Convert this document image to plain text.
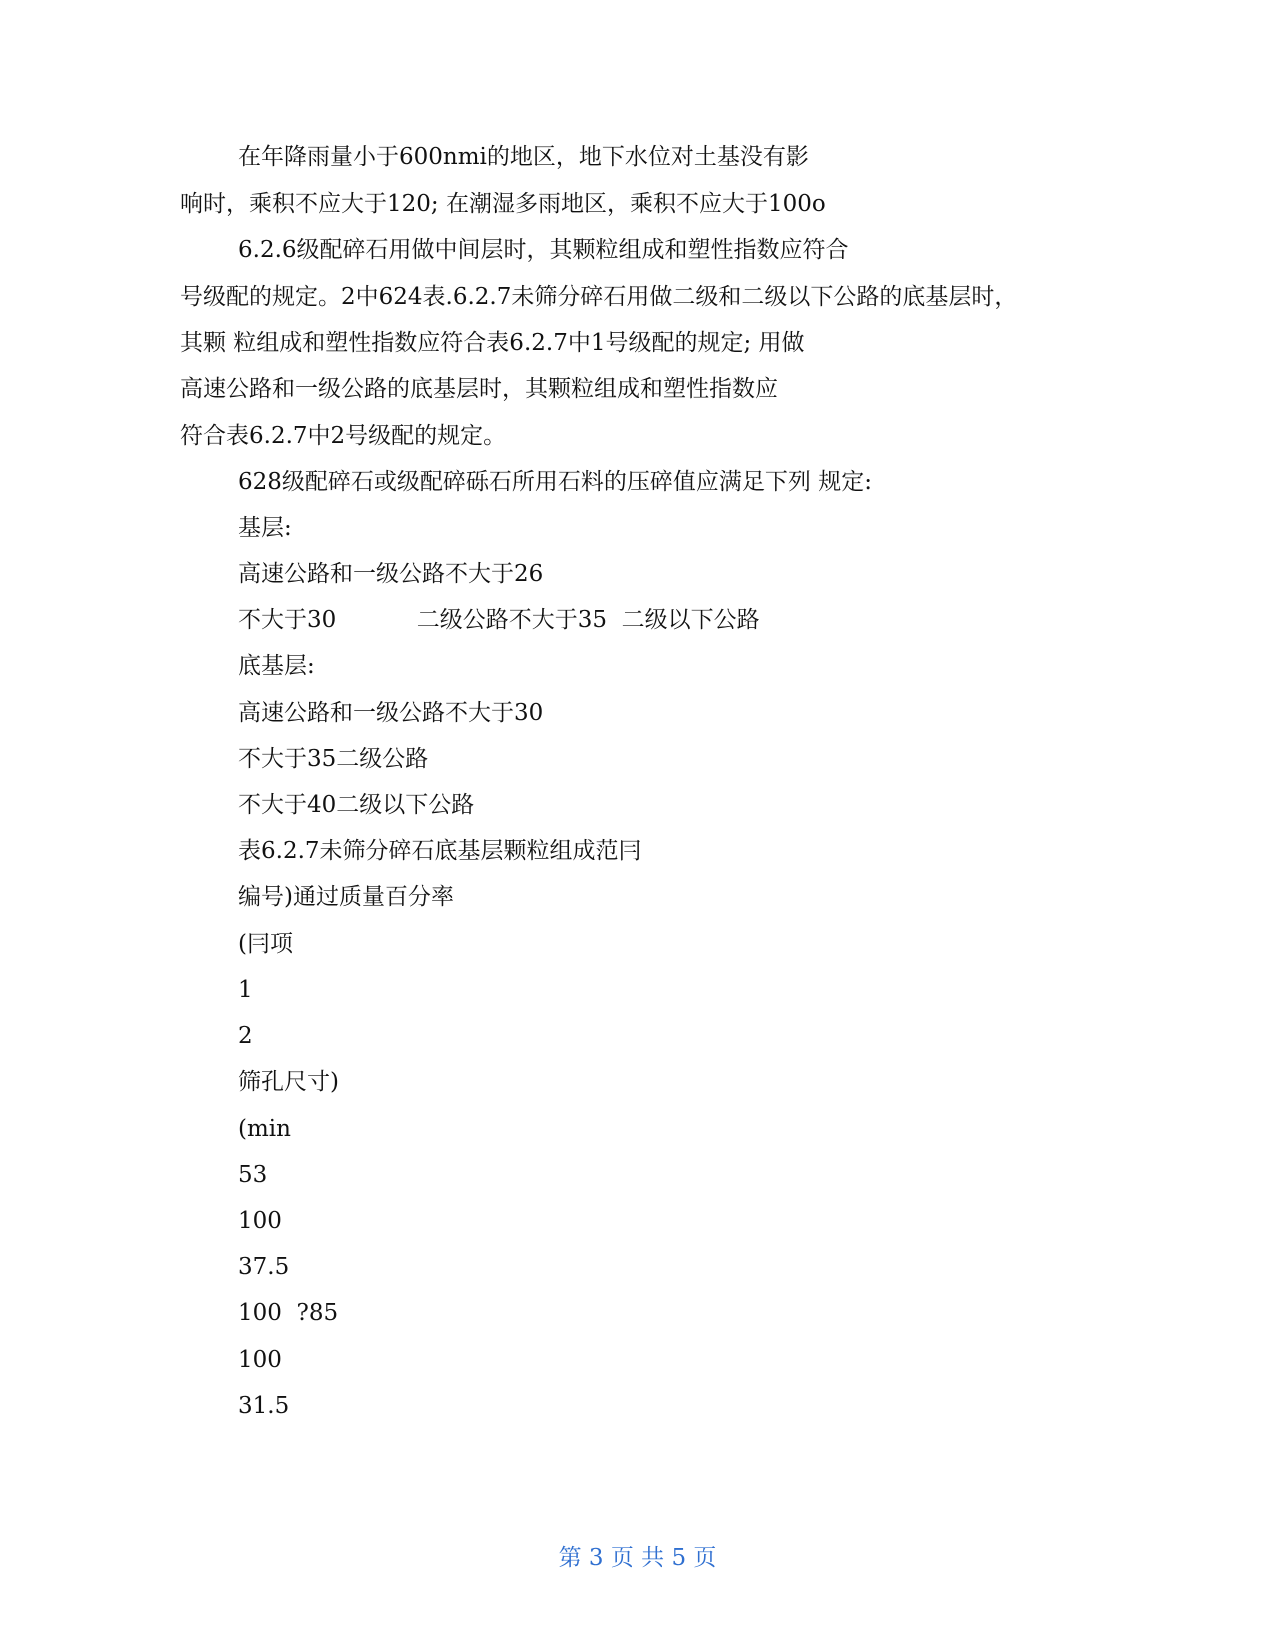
在年降雨量小于600nmi的地区，地下水位对土基没有影
响时，乘积不应大于120; 在潮湿多雨地区，乘积不应大于100o
6.2.6级配碎石用做中间层时，其颗粒组成和塑性指数应符合
号级配的规定。2中624表.6.2.7未筛分碎石用做二级和二级以下公路的底基层时，
其颗 粒组成和塑性指数应符合表6.2.7中1号级配的规定; 用做
高速公路和一级公路的底基层时，其颗粒组成和塑性指数应
符合表6.2.7中2号级配的规定。
628级配碎石或级配碎砾石所用石料的压碎值应满足下列 规定:
基层:
高速公路和一级公路不大于26
不大于30           二级公路不大于35  二级以下公路
底基层:
高速公路和一级公路不大于30
不大于35二级公路
不大于40二级以下公路
表6.2.7未筛分碎石底基层颗粒组成范冃
编号)通过质量百分率
(冃项
1
2
筛孔尺寸)
(min
53
100
37.5
100  ?85
100
31.5
第 3 页 共 5 页
